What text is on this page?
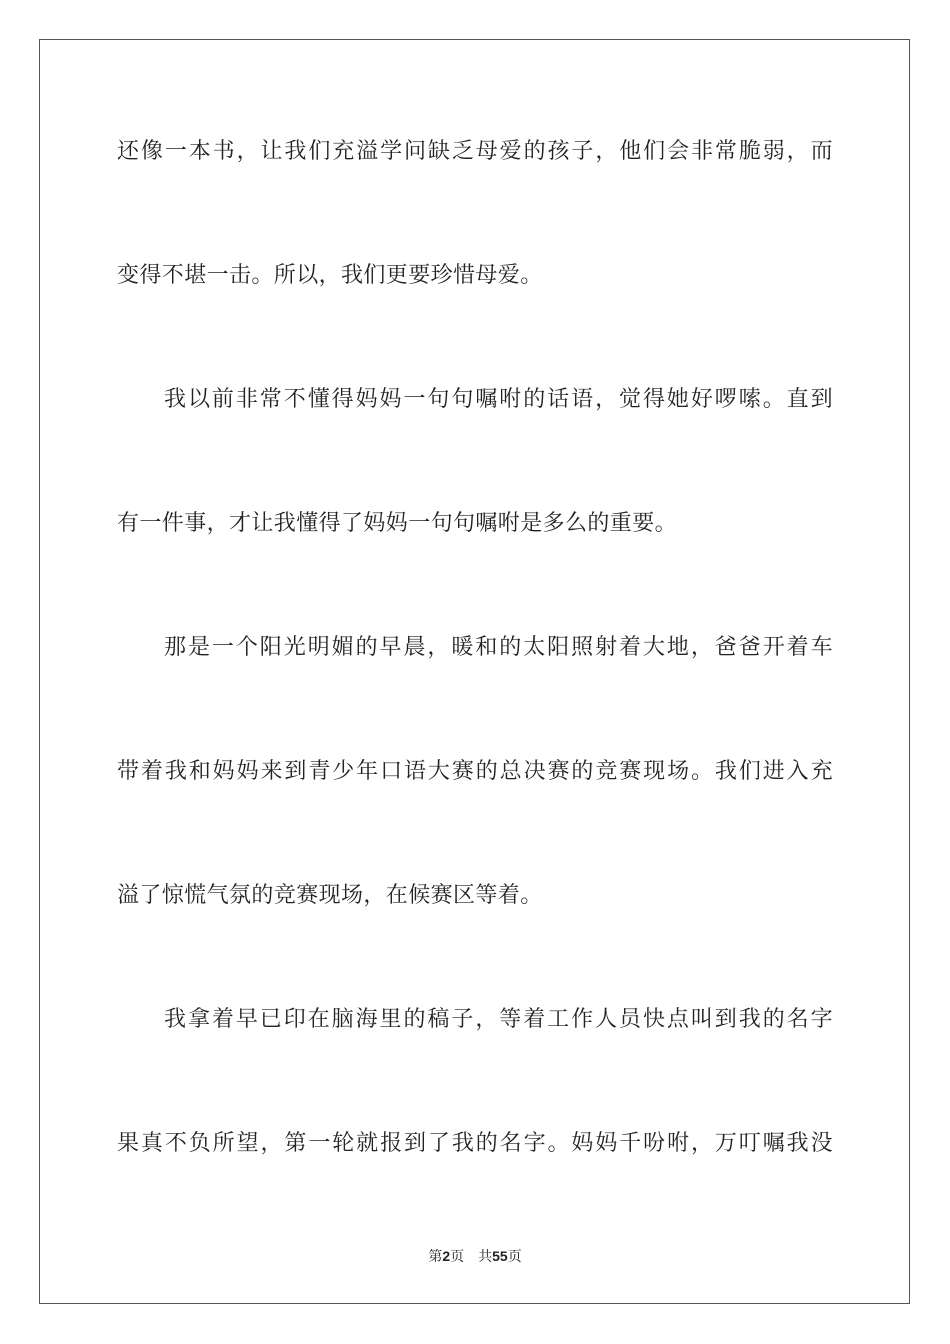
还像一本书，让我们充溢学问缺乏母爱的孩子，他们会非常脆弱，而

变得不堪一击。所以，我们更要珍惜母爱。

我以前非常不懂得妈妈一句句嘱咐的话语，觉得她好啰嗦。直到

有一件事，才让我懂得了妈妈一句句嘱咐是多么的重要。

那是一个阳光明媚的早晨，暖和的太阳照射着大地，爸爸开着车

带着我和妈妈来到青少年口语大赛的总决赛的竞赛现场。我们进入充

溢了惊慌气氛的竞赛现场，在候赛区等着。

我拿着早已印在脑海里的稿子，等着工作人员快点叫到我的名字

果真不负所望，第一轮就报到了我的名字。妈妈千吩咐，万叮嘱我没

第2页 共55页
